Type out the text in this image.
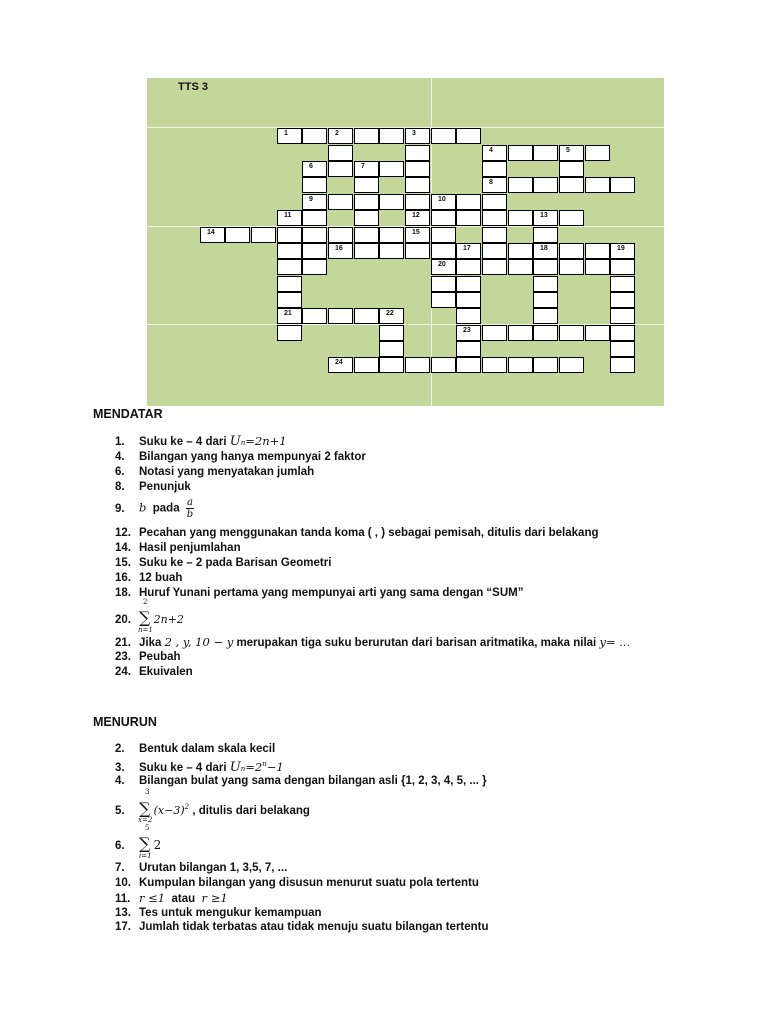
TTS 3
1	2	3
4	5
6	7
8
9	10
11	12	13
14	15
16	17	18	19
20
21	22
23
24
MENDATAR
1. Suku ke – 4 dari Un=2n+1
4. Bilangan yang hanya mempunyai 2 faktor
6. Notasi yang menyatakan jumlah
8. Penunjuk
9. b pada $\frac{a}{b}$
12. Pecahan yang menggunakan tanda koma ( , ) sebagai pemisah, ditulis dari belakang
14. Hasil penjumlahan
15. Suku ke – 2 pada Barisan Geometri
16. 12 buah
18. Huruf Yunani pertama yang mempunyai arti yang sama dengan “SUM”
20. ∑ 2n+2
2
n=1
21. Jika 2 , y, 10 − y merupakan tiga suku berurutan dari barisan aritmatika, maka nilai y= ...
23. Peubah
24. Ekuivalen
MENURUN
2. Bentuk dalam skala kecil
3. Suku ke – 4 dari $Un=2^n-1$
4. Bilangan bulat yang sama dengan bilangan asli {1, 2, 3, 4, 5, ... }
5. ∑ $(x-3)^2$ , ditulis dari belakang
3
x=2
6. ∑ 2
5
i=1
7. Urutan bilangan 1, 3,5, 7, ...
10. Kumpulan bilangan yang disusun menurut suatu pola tertentu
11. r ≤1 atau r ≥1
13. Tes untuk mengukur kemampuan
17. Jumlah tidak terbatas atau tidak menuju suatu bilangan tertentu
